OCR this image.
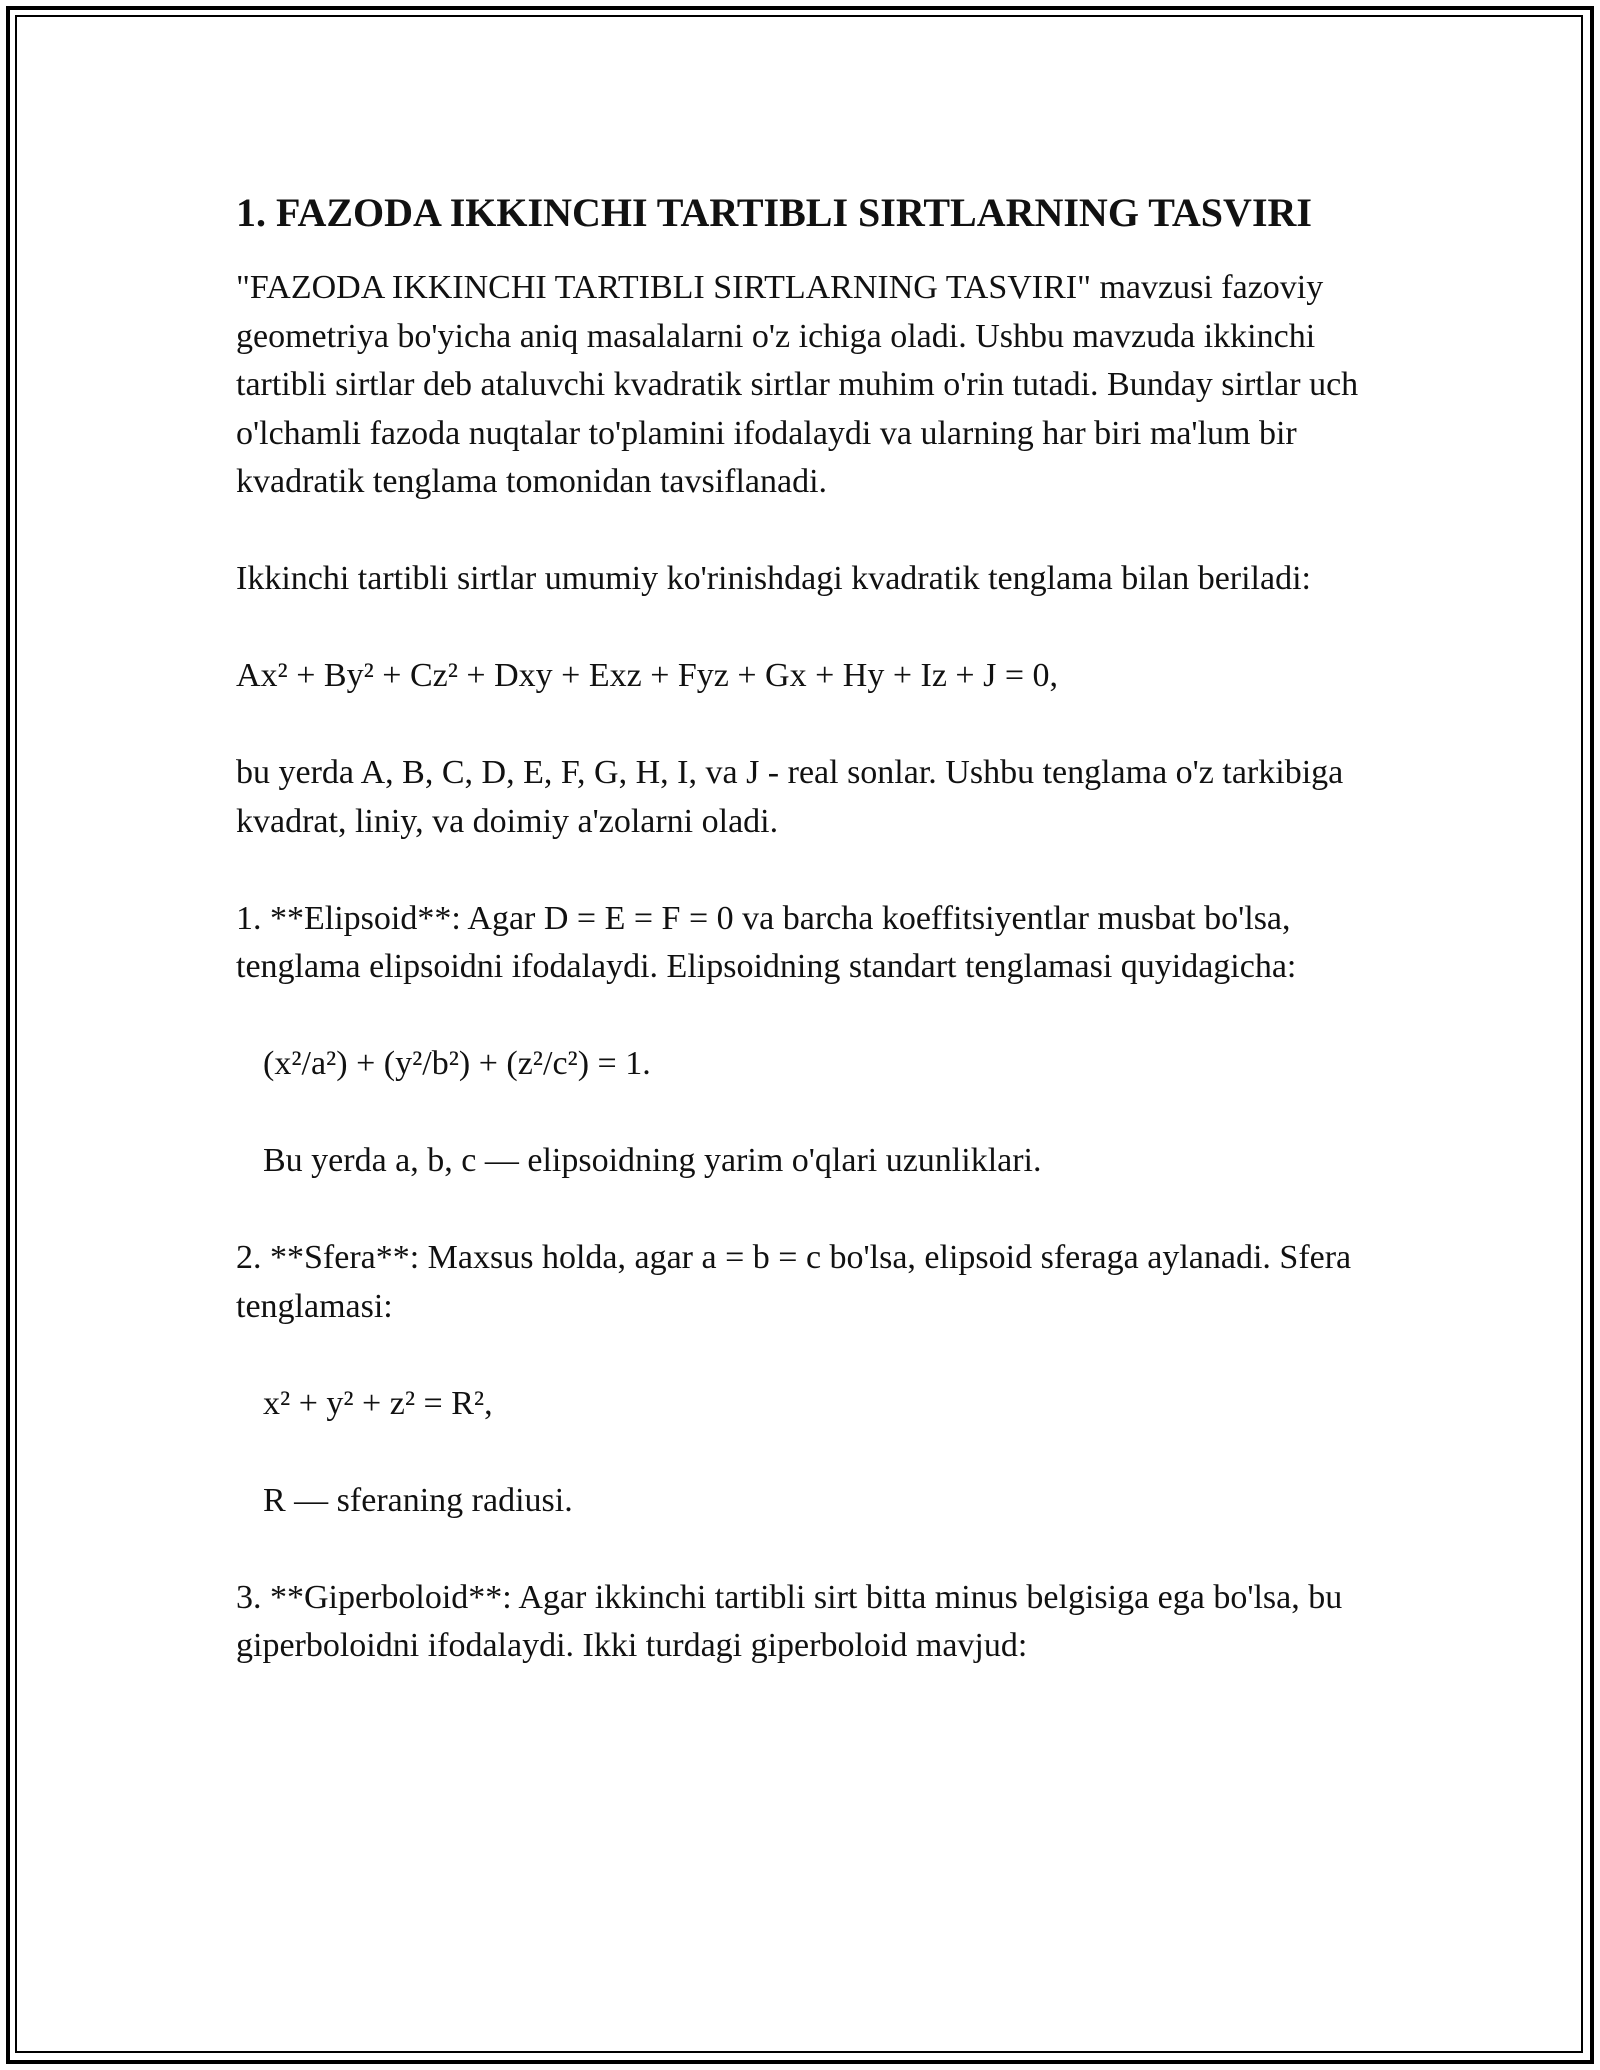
1. FAZODA IKKINCHI TARTIBLI SIRTLARNING TASVIRI

"FAZODA IKKINCHI TARTIBLI SIRTLARNING TASVIRI" mavzusi fazoviy geometriya bo'yicha aniq masalalarni o'z ichiga oladi. Ushbu mavzuda ikkinchi tartibli sirtlar deb ataluvchi kvadratik sirtlar muhim o'rin tutadi. Bunday sirtlar uch o'lchamli fazoda nuqtalar to'plamini ifodalaydi va ularning har biri ma'lum bir kvadratik tenglama tomonidan tavsiflanadi.

Ikkinchi tartibli sirtlar umumiy ko'rinishdagi kvadratik tenglama bilan beriladi:

Ax² + By² + Cz² + Dxy + Exz + Fyz + Gx + Hy + Iz + J = 0,

bu yerda A, B, C, D, E, F, G, H, I, va J - real sonlar. Ushbu tenglama o'z tarkibiga kvadrat, liniy, va doimiy a'zolarni oladi.

1. **Elipsoid**: Agar D = E = F = 0 va barcha koeffitsiyentlar musbat bo'lsa, tenglama elipsoidni ifodalaydi. Elipsoidning standart tenglamasi quyidagicha:

(x²/a²) + (y²/b²) + (z²/c²) = 1.

Bu yerda a, b, c — elipsoidning yarim o'qlari uzunliklari.

2. **Sfera**: Maxsus holda, agar a = b = c bo'lsa, elipsoid sferaga aylanadi. Sfera tenglamasi:

x² + y² + z² = R²,

R — sferaning radiusi.

3. **Giperboloid**: Agar ikkinchi tartibli sirt bitta minus belgisiga ega bo'lsa, bu giperboloidni ifodalaydi. Ikki turdagi giperboloid mavjud:
